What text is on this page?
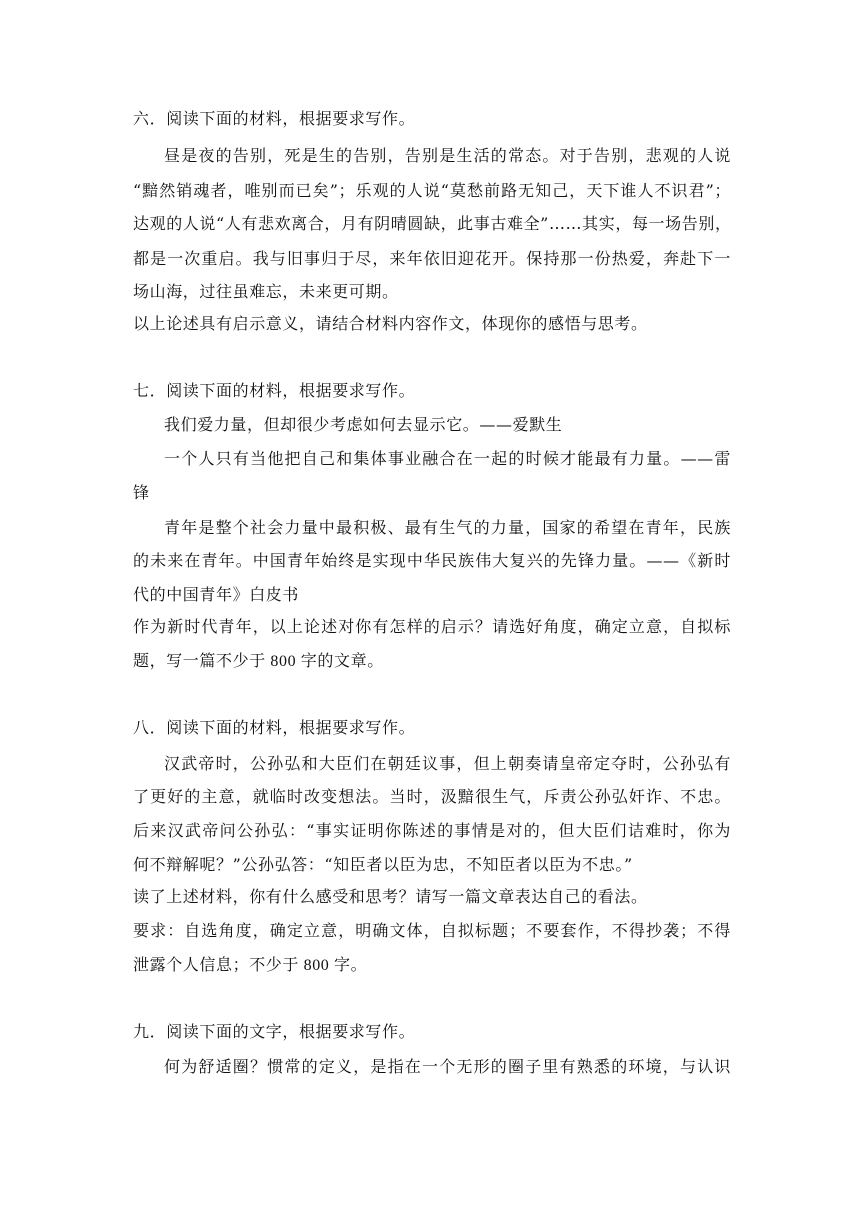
六．阅读下面的材料，根据要求写作。
昼是夜的告别，死是生的告别，告别是生活的常态。对于告别，悲观的人说
“黯然销魂者，唯别而已矣”；乐观的人说“莫愁前路无知己，天下谁人不识君”；
达观的人说“人有悲欢离合，月有阴晴圆缺，此事古难全”……其实，每一场告别，
都是一次重启。我与旧事归于尽，来年依旧迎花开。保持那一份热爱，奔赴下一
场山海，过往虽难忘，未来更可期。
以上论述具有启示意义，请结合材料内容作文，体现你的感悟与思考。
七．阅读下面的材料，根据要求写作。
我们爱力量，但却很少考虑如何去显示它。——爱默生
一个人只有当他把自己和集体事业融合在一起的时候才能最有力量。——雷
锋
青年是整个社会力量中最积极、最有生气的力量，国家的希望在青年，民族
的未来在青年。中国青年始终是实现中华民族伟大复兴的先锋力量。——《新时
代的中国青年》白皮书
作为新时代青年，以上论述对你有怎样的启示？请选好角度，确定立意，自拟标
题，写一篇不少于 800 字的文章。
八．阅读下面的材料，根据要求写作。
汉武帝时，公孙弘和大臣们在朝廷议事，但上朝奏请皇帝定夺时，公孙弘有
了更好的主意，就临时改变想法。当时，汲黯很生气，斥责公孙弘奸诈、不忠。
后来汉武帝问公孙弘：“事实证明你陈述的事情是对的，但大臣们诘难时，你为
何不辩解呢？”公孙弘答：“知臣者以臣为忠，不知臣者以臣为不忠。”
读了上述材料，你有什么感受和思考？请写一篇文章表达自己的看法。
要求：自选角度，确定立意，明确文体，自拟标题；不要套作，不得抄袭；不得
泄露个人信息；不少于 800 字。
九．阅读下面的文字，根据要求写作。
何为舒适圈？惯常的定义，是指在一个无形的圈子里有熟悉的环境，与认识
